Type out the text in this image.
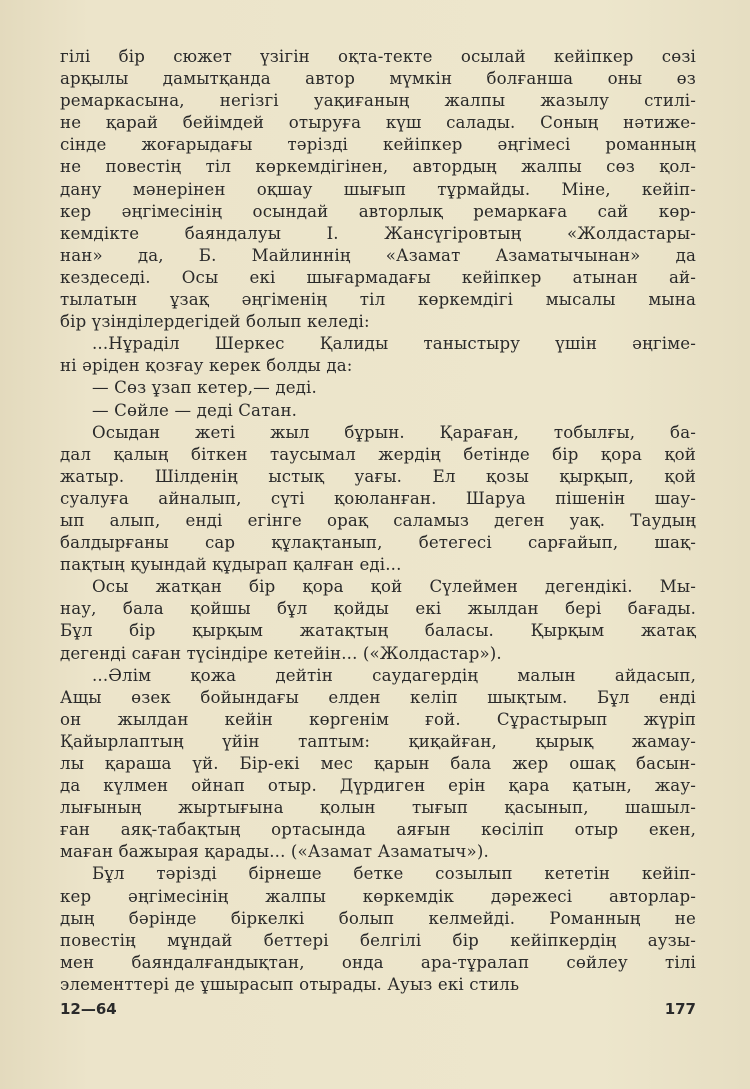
гілі бір сюжет үзігін оқта-текте осылай кейіпкер сөзі
арқылы дамытқанда автор мүмкін болғанша оны өз
ремаркасына, негізгі уақиғаның жалпы жазылу стилі-
не қарай бейімдей отыруға күш салады. Соның нәтиже-
сінде жоғарыдағы тәрізді кейіпкер әңгімесі романның
не повестің тіл көркемдігінен, автордың жалпы сөз қол-
дану мәнерінен оқшау шығып тұрмайды. Міне, кейіп-
кер әңгімесінің осындай авторлық ремаркаға сай көр-
кемдікте баяндалуы І. Жансүгіровтың «Жолдастары-
нан» да, Б. Майлиннің «Азамат Азаматычынан» да
кездеседі. Осы екі шығармадағы кейіпкер атынан ай-
тылатын ұзақ әңгіменің тіл көркемдігі мысалы мына
бір үзінділердегідей болып келеді:
...Нұраділ Шеркес Қалиды таныстыру үшін әңгіме-
ні әріден қозғау керек болды да:
— Сөз ұзап кетер,— деді.
— Сөйле — деді Сатан.
Осыдан жеті жыл бұрын. Қараған, тобылғы, ба-
дал қалың біткен таусымал жердің бетінде бір қора қой
жатыр. Шілденің ыстық уағы. Ел қозы қырқып, қой
суалуға айналып, сүті қоюланған. Шаруа пішенін шау-
ып алып, енді егінге орақ саламыз деген уақ. Таудың
балдырғаны сар құлақтанып, бетегесі сарғайып, шақ-
пақтың қуындай құдырап қалған еді...
Осы жатқан бір қора қой Сүлеймен дегендікі. Мы-
нау, бала қойшы бұл қойды екі жылдан бері бағады.
Бұл бір қырқым жатақтың баласы. Қырқым жатақ
дегенді саған түсіндіре кетейін... («Жолдастар»).
...Әлім қожа дейтін саудагердің малын айдасып,
Ащы өзек бойындағы елден келіп шықтым. Бұл енді
он жылдан кейін көргенім ғой. Сұрастырып жүріп
Қайырлаптың үйін таптым: қиқайған, қырық жамау-
лы қараша үй. Бір-екі мес қарын бала жер ошақ басын-
да күлмен ойнап отыр. Дүрдиген ерін қара қатын, жау-
лығының жыртығына қолын тығып қасынып, шашыл-
ған аяқ-табақтың ортасында аяғын көсіліп отыр екен,
маған бажырая қарады... («Азамат Азаматыч»).
Бұл тәрізді бірнеше бетке созылып кететін кейіп-
кер әңгімесінің жалпы көркемдік дәрежесі авторлар-
дың бәрінде біркелкі болып келмейді. Романның не
повестің мұндай беттері белгілі бір кейіпкердің аузы-
мен баяндалғандықтан, онда ара-тұралап сөйлеу тілі
элементтері де ұшырасып отырады. Ауыз екі стиль
12—64	177
